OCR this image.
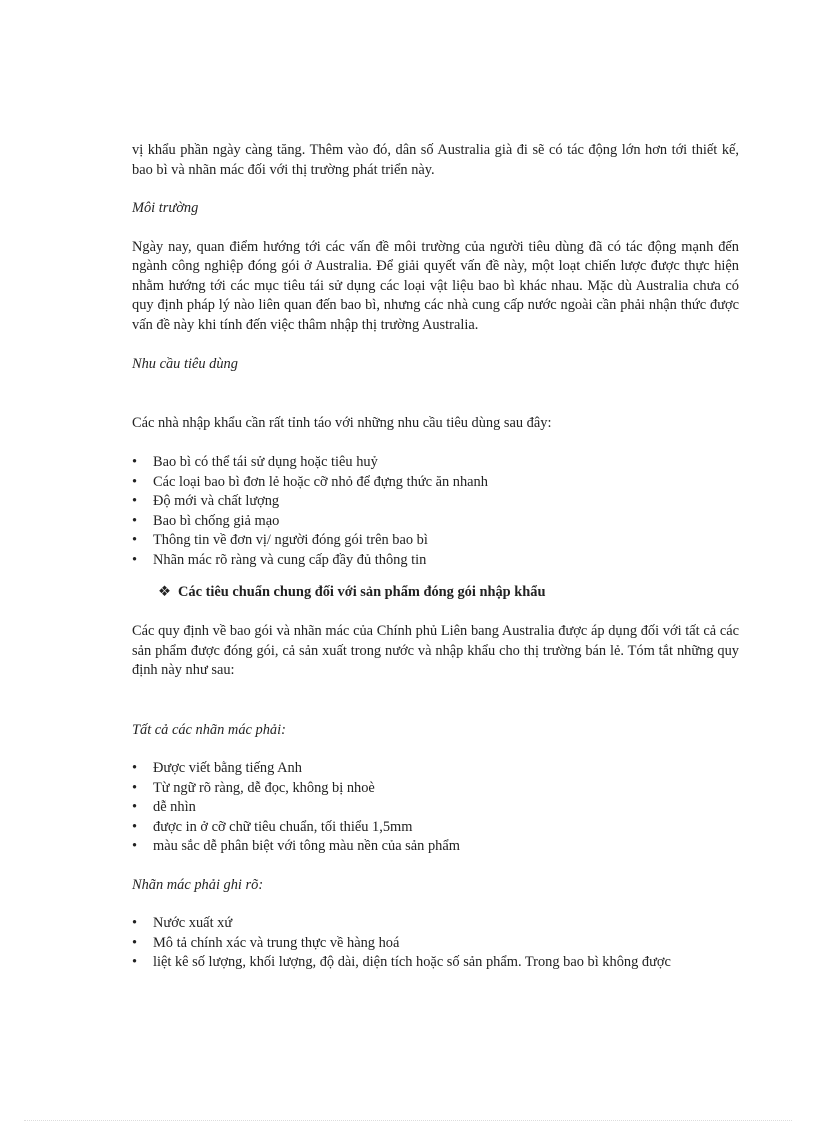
vị khẩu phần ngày càng tăng. Thêm vào đó, dân số Australia già đi sẽ có tác động lớn hơn tới thiết kế, bao bì và nhãn mác đối với thị trường phát triển này.

Môi trường

Ngày nay, quan điểm hướng tới các vấn đề môi trường của người tiêu dùng đã có tác động mạnh đến ngành công nghiệp đóng gói ở Australia. Để giải quyết vấn đề này, một loạt chiến lược được thực hiện nhằm hướng tới các mục tiêu tái sử dụng các loại vật liệu bao bì khác nhau. Mặc dù Australia chưa có quy định pháp lý nào liên quan đến bao bì, nhưng các nhà cung cấp nước ngoài cần phải nhận thức được vấn đề này khi tính đến việc thâm nhập thị trường Australia.

Nhu cầu tiêu dùng

Các nhà nhập khẩu cần rất tỉnh táo với những nhu cầu tiêu dùng sau đây:

• Bao bì có thể tái sử dụng hoặc tiêu huỷ
• Các loại bao bì đơn lẻ hoặc cỡ nhỏ để đựng thức ăn nhanh
• Độ mới và chất lượng
• Bao bì chống giả mạo
• Thông tin về đơn vị/ người đóng gói trên bao bì
• Nhãn mác rõ ràng và cung cấp đầy đủ thông tin
❖ Các tiêu chuẩn chung đối với sản phẩm đóng gói nhập khẩu

Các quy định về bao gói và nhãn mác của Chính phủ Liên bang Australia được áp dụng đối với tất cả các sản phẩm được đóng gói, cả sản xuất trong nước và nhập khẩu cho thị trường bán lẻ. Tóm tắt những quy định này như sau:

Tất cả các nhãn mác phải:

• Được viết bằng tiếng Anh
• Từ ngữ rõ ràng, dễ đọc, không bị nhoè
• dễ nhìn
• được in ở cỡ chữ tiêu chuẩn, tối thiểu 1,5mm
• màu sắc dễ phân biệt với tông màu nền của sản phẩm

Nhãn mác phải ghi rõ:

• Nước xuất xứ
• Mô tả chính xác và trung thực về hàng hoá
• liệt kê số lượng, khối lượng, độ dài, diện tích hoặc số sản phẩm. Trong bao bì không được
